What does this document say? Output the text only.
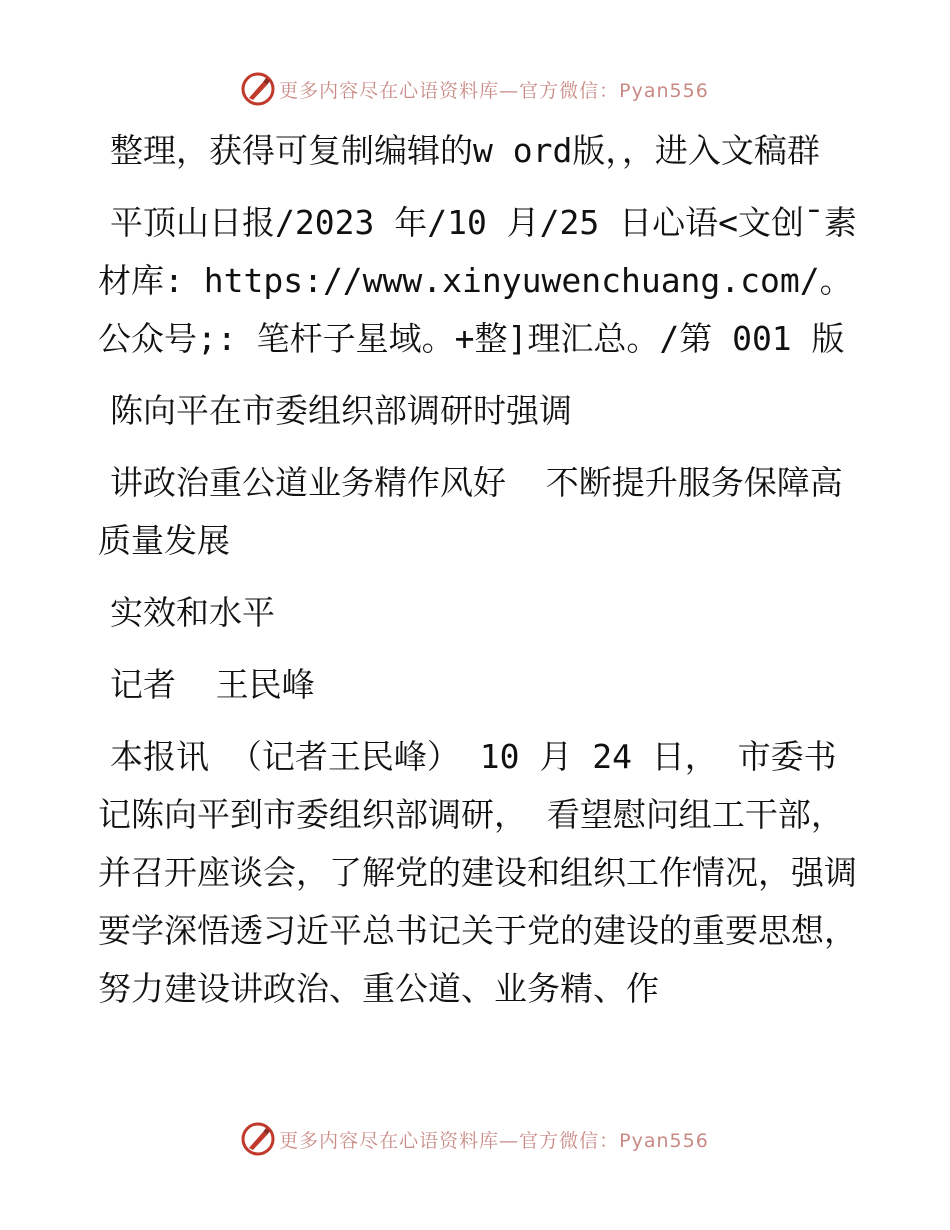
更多内容尽在心语资料库—官方微信：Pyan556

整理，获得可复制编辑的w ord版，，进入文稿群

平顶山日报/2023 年/10 月/25 日心语<文创¯素材库: https://www.xinyuwenchuang.com/。公众号;: 笔杆子星域。+整]理汇总。/第 001 版

陈向平在市委组织部调研时强调

讲政治重公道业务精作风好  不断提升服务保障高质量发展

实效和水平

记者  王民峰

本报讯 （记者王民峰） 10 月 24 日， 市委书记陈向平到市委组织部调研， 看望慰问组工干部，并召开座谈会，了解党的建设和组织工作情况，强调要学深悟透习近平总书记关于党的建设的重要思想，努力建设讲政治、重公道、业务精、作

更多内容尽在心语资料库—官方微信：Pyan556
